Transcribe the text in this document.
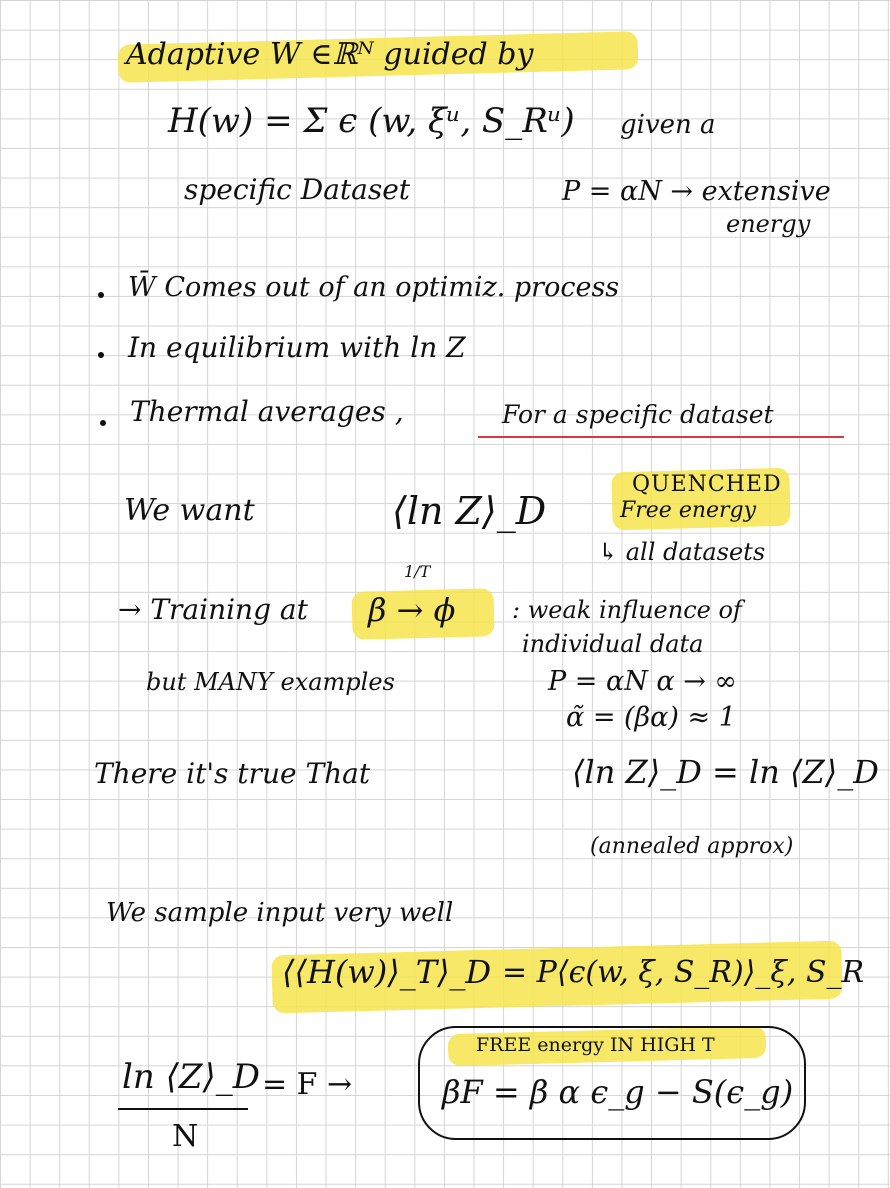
Adaptive W ∈ℝᴺ guided by
H(w) = Σ ϵ (w, ξᵘ, S_Rᵘ) given a
specific Dataset	P = αN → extensive
energy
W̄ Comes out of an optimiz. process
In equilibrium with ln Z
Thermal averages ,	For a specific dataset
We want	⟨ln Z⟩_D
QUENCHED
Free energy
↳ all datasets
1/T
→ Training at β → ϕ : weak influence of
individual data
but MANY examples	P = αN α → ∞
α̃ = (βα) ≈ 1
There it's true That	⟨ln Z⟩_D = ln ⟨Z⟩_D
(annealed approx)
We sample input very well
⟨⟨H(w)⟩_T⟩_D = P⟨ϵ(w, ξ, S_R)⟩_ξ, S_R
FREE energy IN HIGH T
ln ⟨Z⟩_D
N
= F →	βF = β α ϵ_g − S(ϵ_g)
